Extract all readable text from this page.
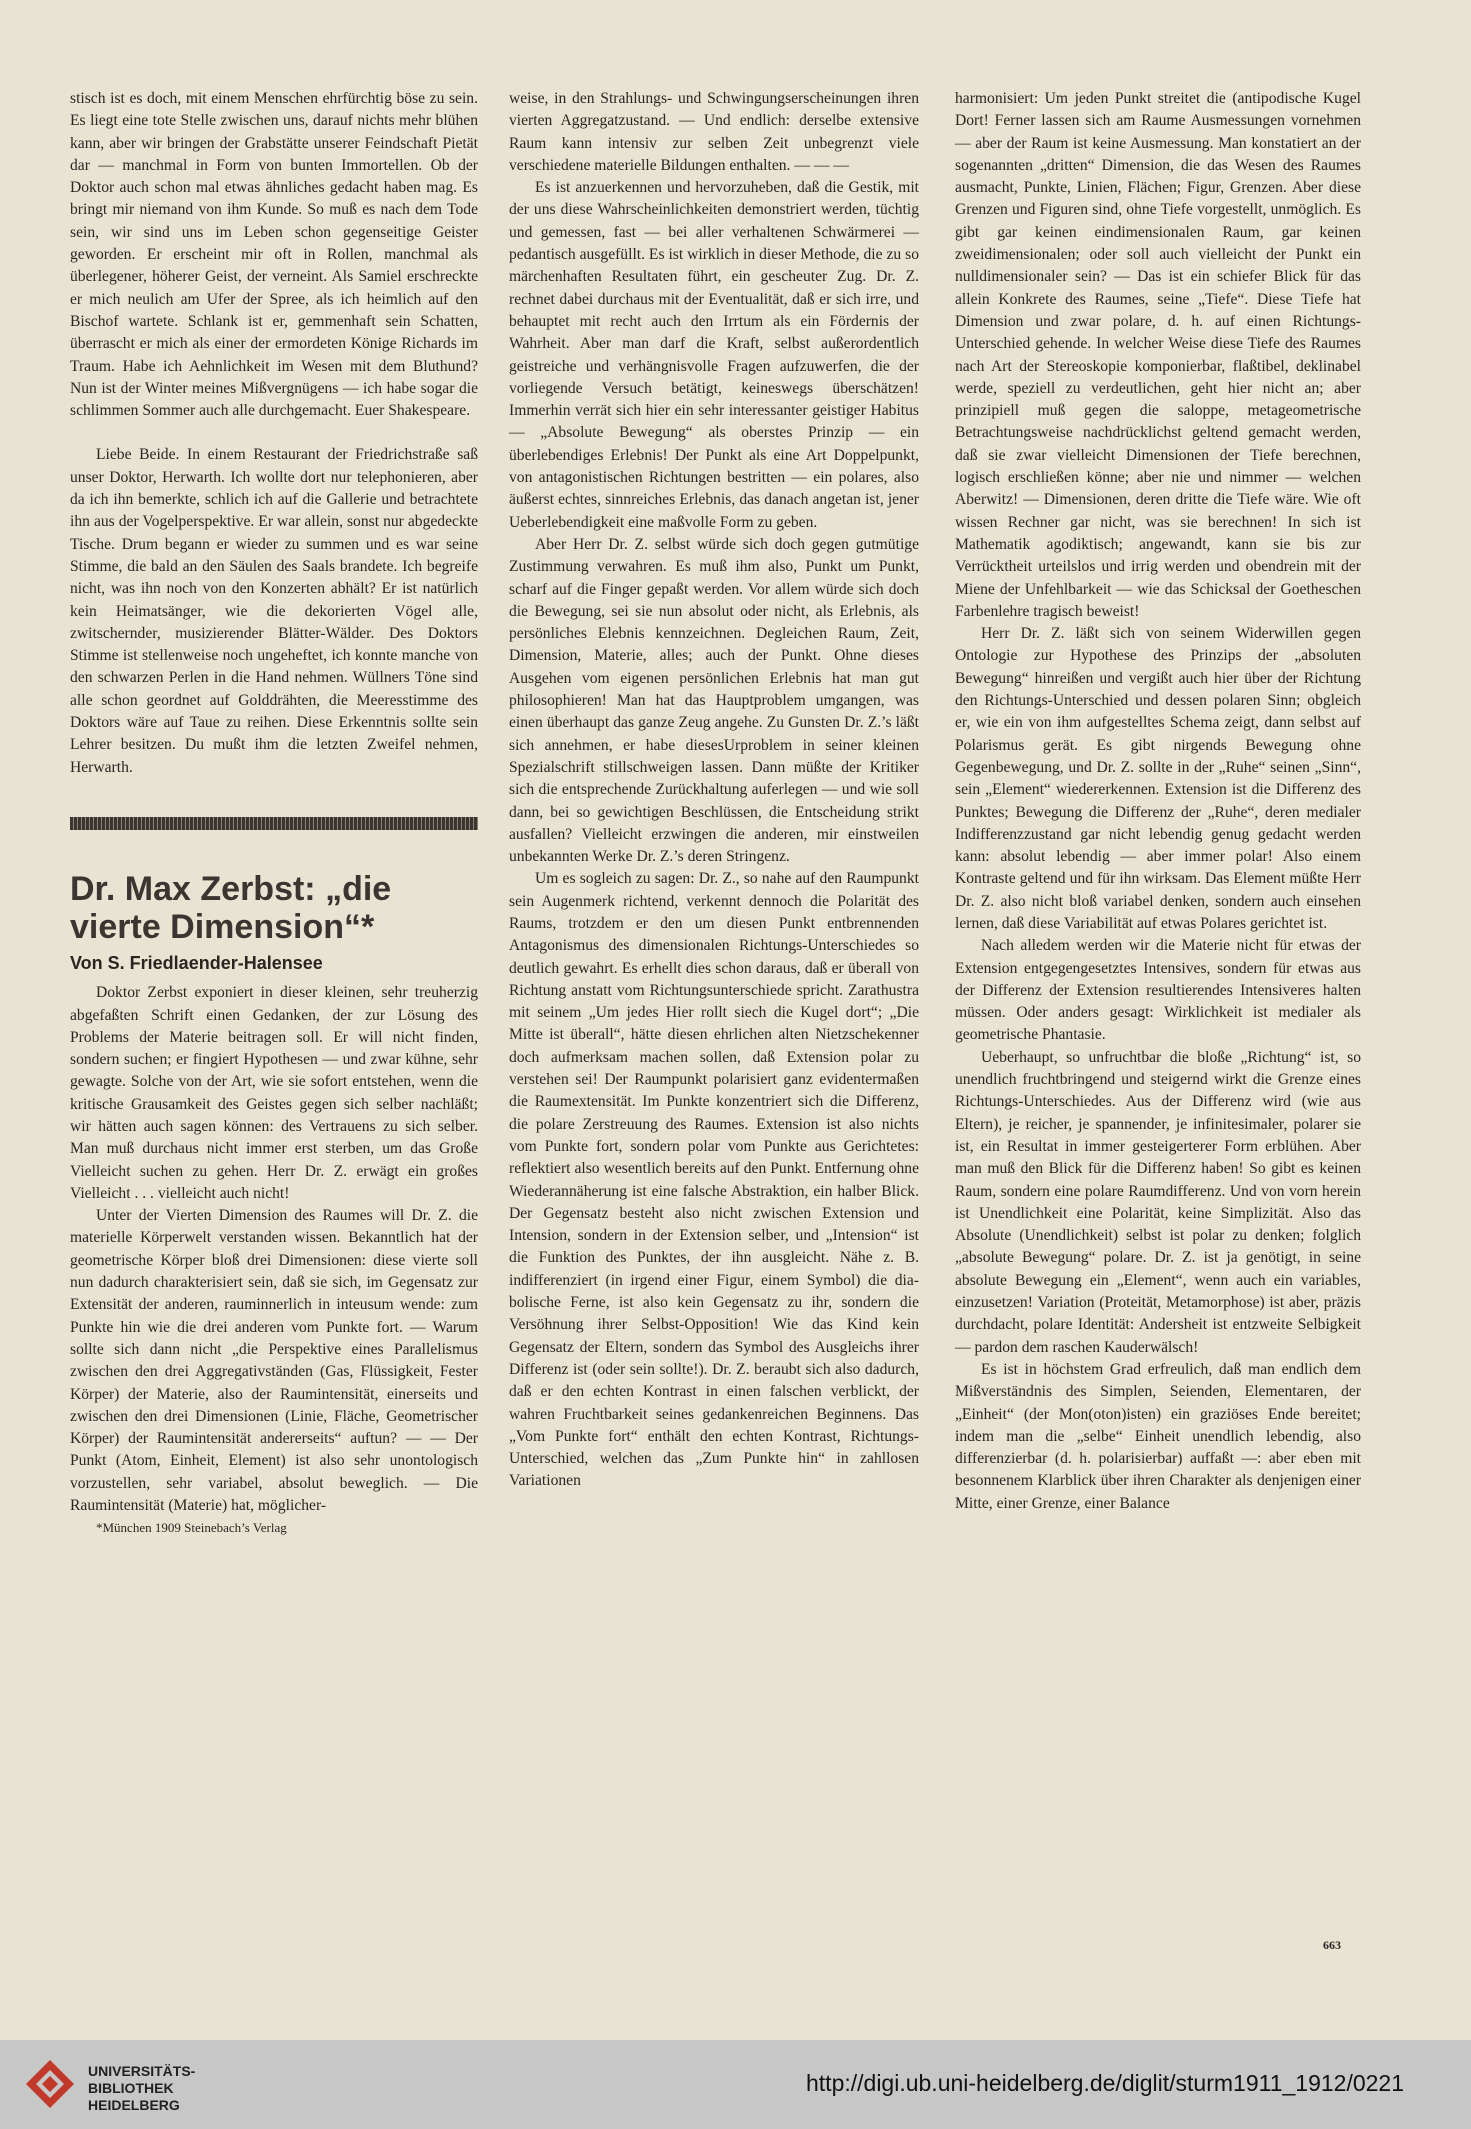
stisch ist es doch, mit einem Menschen ehrfürchtig böse zu sein. Es liegt eine tote Stelle zwischen uns, darauf nichts mehr blühen kann, aber wir bringen der Grabstätte unserer Feindschaft Pietät dar — manchmal in Form von bunten Immortellen. Ob der Doktor auch schon mal etwas ähnliches gedacht haben mag. Es bringt mir niemand von ihm Kunde. So muß es nach dem Tode sein, wir sind uns im Leben schon gegenseitige Geister geworden. Er erscheint mir oft in Rollen, manchmal als überlegener, höherer Geist, der verneint. Als Samiel erschreckte er mich neulich am Ufer der Spree, als ich heimlich auf den Bischof wartete. Schlank ist er, gemmenhaft sein Schatten, überrascht er mich als einer der ermordeten Könige Richards im Traum. Habe ich Aehnlichkeit im Wesen mit dem Bluthund? Nun ist der Winter meines Mißvergnügens — ich habe sogar die schlimmen Sommer auch alle durchgemacht. Euer Shakespeare.

Liebe Beide. In einem Restaurant der Friedrichstraße saß unser Doktor, Herwarth. Ich wollte dort nur telephonieren, aber da ich ihn bemerkte, schlich ich auf die Gallerie und betrachtete ihn aus der Vogelperspektive. Er war allein, sonst nur abgedeckte Tische. Drum begann er wieder zu summen und es war seine Stimme, die bald an den Säulen des Saals brandete. Ich begreife nicht, was ihn noch von den Konzerten abhält? Er ist natürlich kein Heimatsänger, wie die dekorierten Vögel alle, zwitschernder, musizierender Blätter-Wälder. Des Doktors Stimme ist stellenweise noch ungeheftet, ich konnte manche von den schwarzen Perlen in die Hand nehmen. Wüllners Töne sind alle schon geordnet auf Golddrähten, die Meeresstimme des Doktors wäre auf Taue zu reihen. Diese Erkenntnis sollte sein Lehrer besitzen. Du mußt ihm die letzten Zweifel nehmen, Herwarth.

Dr. Max Zerbst: „die vierte Dimension“*
Von S. Friedlaender-Halensee

Doktor Zerbst exponiert in dieser kleinen, sehr treuherzig abgefaßten Schrift einen Gedanken, der zur Lösung des Problems der Materie beitragen soll. Er will nicht finden, sondern suchen; er fingiert Hypothesen — und zwar kühne, sehr gewagte. Solche von der Art, wie sie sofort entstehen, wenn die kritische Grausamkeit des Geistes gegen sich selber nachläßt; wir hätten auch sagen können: des Vertrauens zu sich selber. Man muß durchaus nicht immer erst sterben, um das Große Vielleicht suchen zu gehen. Herr Dr. Z. erwägt ein großes Vielleicht . . . vielleicht auch nicht!

Unter der Vierten Dimension des Raumes will Dr. Z. die materielle Körperwelt verstanden wissen. Bekanntlich hat der geometrische Körper bloß drei Dimensionen: diese vierte soll nun dadurch charakterisiert sein, daß sie sich, im Gegensatz zur Extensität der anderen, rauminnerlich in inteusum wende: zum Punkte hin wie die drei anderen vom Punkte fort. — Warum sollte sich dann nicht „die Perspektive eines Parallelismus zwischen den drei Aggregativständen (Gas, Flüssigkeit, Fester Körper) der Materie, also der Raumintensität, einerseits und zwischen den drei Dimensionen (Linie, Fläche, Geometrischer Körper) der Raumintensität andererseits“ auftun? — — Der Punkt (Atom, Einheit, Element) ist also sehr unontologisch vorzustellen, sehr variabel, absolut beweglich. — Die Raumintensität (Materie) hat, möglicher-

*München 1909 Steinebach’s Verlag

weise, in den Strahlungs- und Schwingungserscheinungen ihren vierten Aggregatzustand. — Und endlich: derselbe extensive Raum kann intensiv zur selben Zeit unbegrenzt viele verschiedene materielle Bildungen enthalten. — — —

Es ist anzuerkennen und hervorzuheben, daß die Gestik, mit der uns diese Wahrscheinlichkeiten demonstriert werden, tüchtig und gemessen, fast — bei aller verhaltenen Schwärmerei — pedantisch ausgefüllt. Es ist wirklich in dieser Methode, die zu so märchenhaften Resultaten führt, ein gescheuter Zug. Dr. Z. rechnet dabei durchaus mit der Eventualität, daß er sich irre, und behauptet mit recht auch den Irrtum als ein Fördernis der Wahrheit. Aber man darf die Kraft, selbst außerordentlich geistreiche und verhängnisvolle Fragen aufzuwerfen, die der vorliegende Versuch betätigt, keineswegs überschätzen! Immerhin verrät sich hier ein sehr interessanter geistiger Habitus — „Absolute Bewegung“ als oberstes Prinzip — ein überlebendiges Erlebnis! Der Punkt als eine Art Doppelpunkt, von antagonistischen Richtungen bestritten — ein polares, also äußerst echtes, sinnreiches Erlebnis, das danach angetan ist, jener Ueberlebendigkeit eine maßvolle Form zu geben.

Aber Herr Dr. Z. selbst würde sich doch gegen gutmütige Zustimmung verwahren. Es muß ihm also, Punkt um Punkt, scharf auf die Finger gepaßt werden. Vor allem würde sich doch die Bewegung, sei sie nun absolut oder nicht, als Erlebnis, als persönliches Elebnis kennzeichnen. Degleichen Raum, Zeit, Dimension, Materie, alles; auch der Punkt. Ohne dieses Ausgehen vom eigenen persönlichen Erlebnis hat man gut philosophieren! Man hat das Hauptproblem umgangen, was einen überhaupt das ganze Zeug angehe. Zu Gunsten Dr. Z.’s läßt sich annehmen, er habe diesesUrproblem in seiner kleinen Spezialschrift stillschweigen lassen. Dann müßte der Kritiker sich die entsprechende Zurückhaltung auferlegen — und wie soll dann, bei so gewichtigen Beschlüssen, die Entscheidung strikt ausfallen? Vielleicht erzwingen die anderen, mir einstweilen unbekannten Werke Dr. Z.’s deren Stringenz.

Um es sogleich zu sagen: Dr. Z., so nahe auf den Raumpunkt sein Augenmerk richtend, verkennt dennoch die Polarität des Raums, trotzdem er den um diesen Punkt entbrennenden Antagonismus des dimensionalen Richtungs-Unterschiedes so deutlich gewahrt. Es erhellt dies schon daraus, daß er überall von Richtung anstatt vom Richtungsunterschiede spricht. Zarathustra mit seinem „Um jedes Hier rollt siech die Kugel dort“; „Die Mitte ist überall“, hätte diesen ehrlichen alten Nietzschekenner doch aufmerksam machen sollen, daß Extension polar zu verstehen sei! Der Raumpunkt polarisiert ganz evidentermaßen die Raumextensität. Im Punkte konzentriert sich die Differenz, die polare Zerstreuung des Raumes. Extension ist also nichts vom Punkte fort, sondern polar vom Punkte aus Gerichtetes: reflektiert also wesentlich bereits auf den Punkt. Entfernung ohne Wiederannäherung ist eine falsche Abstraktion, ein halber Blick. Der Gegensatz besteht also nicht zwischen Extension und Intension, sondern in der Extension selber, und „Intension“ ist die Funktion des Punktes, der ihn ausgleicht. Nähe z. B. indifferenziert (in irgend einer Figur, einem Symbol) die dia-bolische Ferne, ist also kein Gegensatz zu ihr, sondern die Versöhnung ihrer Selbst-Opposition! Wie das Kind kein Gegensatz der Eltern, sondern das Symbol des Ausgleichs ihrer Differenz ist (oder sein sollte!). Dr. Z. beraubt sich also dadurch, daß er den echten Kontrast in einen falschen verblickt, der wahren Fruchtbarkeit seines gedankenreichen Beginnens. Das „Vom Punkte fort“ enthält den echten Kontrast, Richtungs-Unterschied, welchen das „Zum Punkte hin“ in zahllosen Variationen

harmonisiert: Um jeden Punkt streitet die (antipodische Kugel Dort! Ferner lassen sich am Raume Ausmessungen vornehmen — aber der Raum ist keine Ausmessung. Man konstatiert an der sogenannten „dritten“ Dimension, die das Wesen des Raumes ausmacht, Punkte, Linien, Flächen; Figur, Grenzen. Aber diese Grenzen und Figuren sind, ohne Tiefe vorgestellt, unmöglich. Es gibt gar keinen eindimensionalen Raum, gar keinen zweidimensionalen; oder soll auch vielleicht der Punkt ein nulldimensionaler sein? — Das ist ein schiefer Blick für das allein Konkrete des Raumes, seine „Tiefe“. Diese Tiefe hat Dimension und zwar polare, d. h. auf einen Richtungs-Unterschied gehende. In welcher Weise diese Tiefe des Raumes nach Art der Stereoskopie komponierbar, flaßtibel, deklinabel werde, speziell zu verdeutlichen, geht hier nicht an; aber prinzipiell muß gegen die saloppe, metageometrische Betrachtungsweise nachdrücklichst geltend gemacht werden, daß sie zwar vielleicht Dimensionen der Tiefe berechnen, logisch erschließen könne; aber nie und nimmer — welchen Aberwitz! — Dimensionen, deren dritte die Tiefe wäre. Wie oft wissen Rechner gar nicht, was sie berechnen! In sich ist Mathematik agodiktisch; angewandt, kann sie bis zur Verrücktheit urteilslos und irrig werden und obendrein mit der Miene der Unfehlbarkeit — wie das Schicksal der Goetheschen Farbenlehre tragisch beweist!

Herr Dr. Z. läßt sich von seinem Widerwillen gegen Ontologie zur Hypothese des Prinzips der „absoluten Bewegung“ hinreißen und vergißt auch hier über der Richtung den Richtungs-Unterschied und dessen polaren Sinn; obgleich er, wie ein von ihm aufgestelltes Schema zeigt, dann selbst auf Polarismus gerät. Es gibt nirgends Bewegung ohne Gegenbewegung, und Dr. Z. sollte in der „Ruhe“ seinen „Sinn“, sein „Element“ wiedererkennen. Extension ist die Differenz des Punktes; Bewegung die Differenz der „Ruhe“, deren medialer Indifferenzzustand gar nicht lebendig genug gedacht werden kann: absolut lebendig — aber immer polar! Also einem Kontraste geltend und für ihn wirksam. Das Element müßte Herr Dr. Z. also nicht bloß variabel denken, sondern auch einsehen lernen, daß diese Variabilität auf etwas Polares gerichtet ist.

Nach alledem werden wir die Materie nicht für etwas der Extension entgegengesetztes Intensives, sondern für etwas aus der Differenz der Extension resultierendes Intensiveres halten müssen. Oder anders gesagt: Wirklichkeit ist medialer als geometrische Phantasie.

Ueberhaupt, so unfruchtbar die bloße „Richtung“ ist, so unendlich fruchtbringend und steigernd wirkt die Grenze eines Richtungs-Unterschiedes. Aus der Differenz wird (wie aus Eltern), je reicher, je spannender, je infinitesimaler, polarer sie ist, ein Resultat in immer gesteigerterer Form erblühen. Aber man muß den Blick für die Differenz haben! So gibt es keinen Raum, sondern eine polare Raumdifferenz. Und von vorn herein ist Unendlichkeit eine Polarität, keine Simplizität. Also das Absolute (Unendlichkeit) selbst ist polar zu denken; folglich „absolute Bewegung“ polare. Dr. Z. ist ja genötigt, in seine absolute Bewegung ein „Element“, wenn auch ein variables, einzusetzen! Variation (Proteität, Metamorphose) ist aber, präzis durchdacht, polare Identität: Andersheit ist entzweite Selbigkeit — pardon dem raschen Kauderwälsch!

Es ist in höchstem Grad erfreulich, daß man endlich dem Mißverständnis des Simplen, Seienden, Elementaren, der „Einheit“ (der Mon(oton)isten) ein graziöses Ende bereitet; indem man die „selbe“ Einheit unendlich lebendig, also differenzierbar (d. h. polarisierbar) auffaßt —: aber eben mit besonnenem Klarblick über ihren Charakter als denjenigen einer Mitte, einer Grenze, einer Balance

663
UNIVERSITÄTS-
BIBLIOTHEK
HEIDELBERG
http://digi.ub.uni-heidelberg.de/diglit/sturm1911_1912/0221
